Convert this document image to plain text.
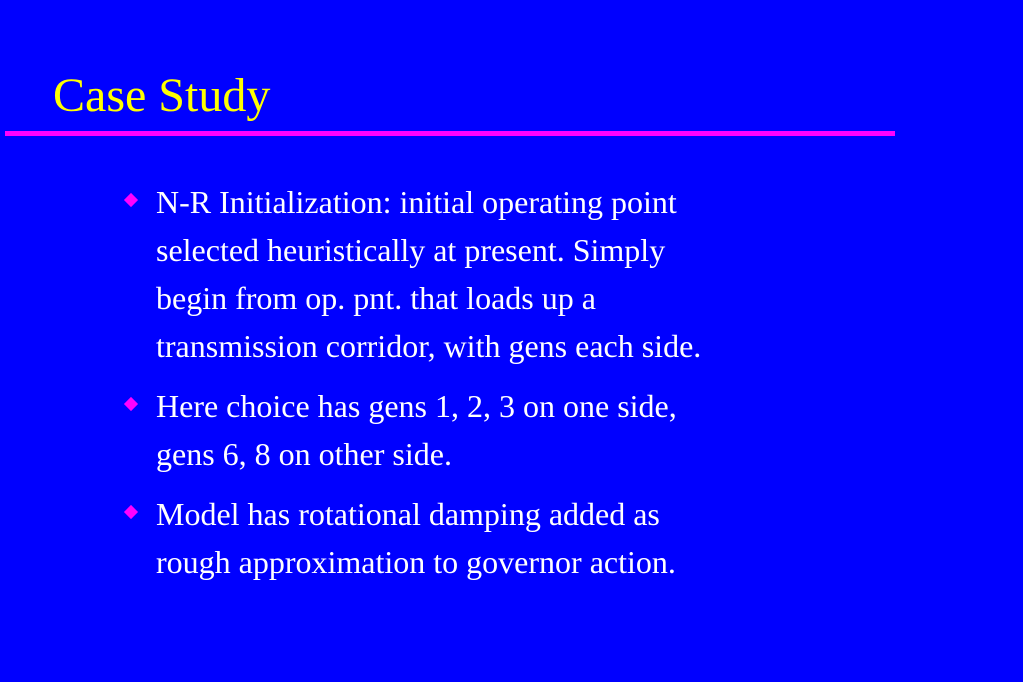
Case Study
N-R Initialization: initial operating point
selected heuristically at present. Simply
begin from op. pnt. that loads up a
transmission corridor, with gens each side.
Here choice has gens 1, 2, 3 on one side,
gens 6, 8 on other side.
Model has rotational damping added as
rough approximation to governor action.
